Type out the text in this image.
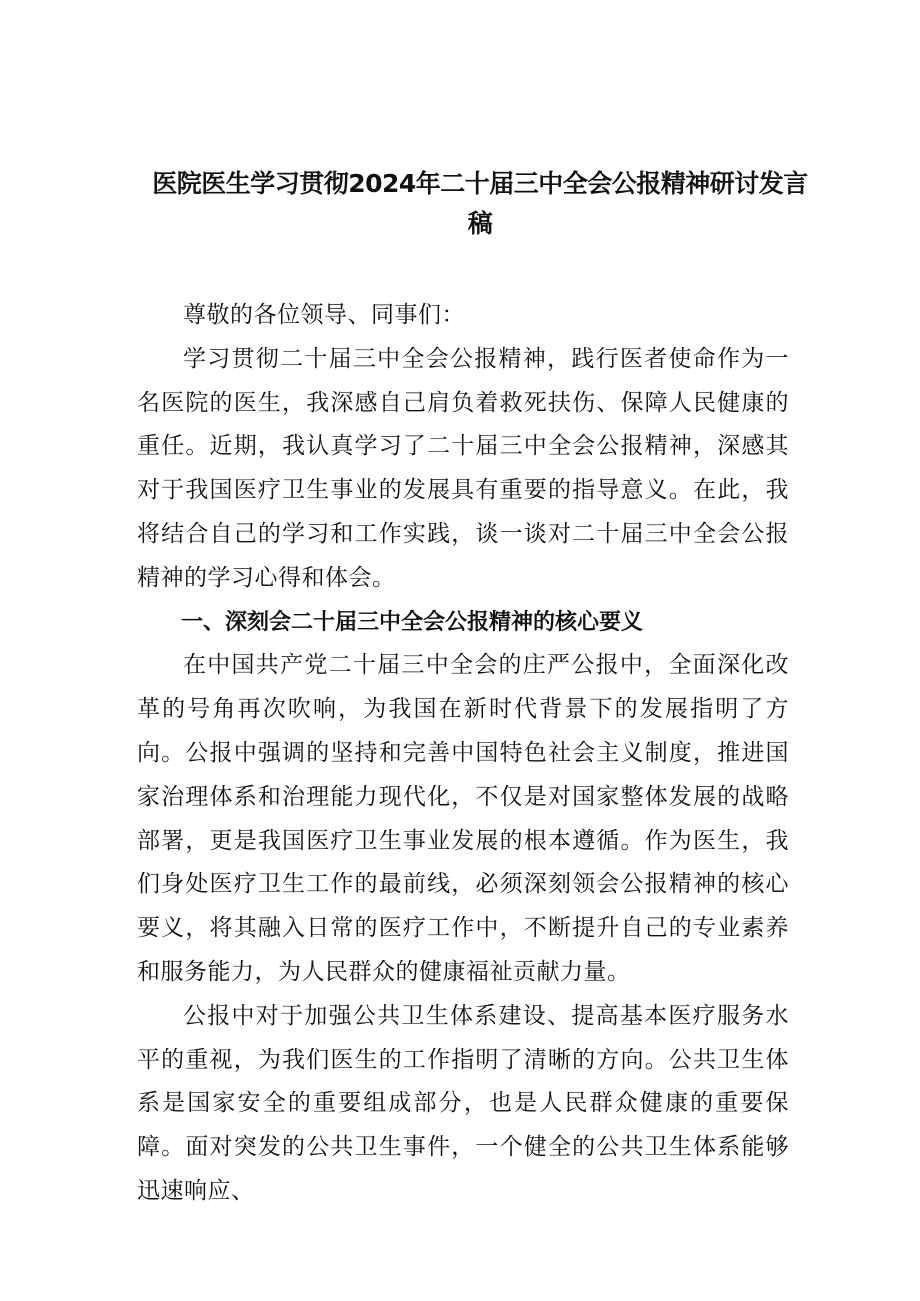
医院医生学习贯彻2024年二十届三中全会公报精神研讨发言
稿

尊敬的各位领导、同事们：

学习贯彻二十届三中全会公报精神，践行医者使命作为一名医院的医生，我深感自己肩负着救死扶伤、保障人民健康的重任。近期，我认真学习了二十届三中全会公报精神，深感其对于我国医疗卫生事业的发展具有重要的指导意义。在此，我将结合自己的学习和工作实践，谈一谈对二十届三中全会公报精神的学习心得和体会。

一、深刻会二十届三中全会公报精神的核心要义

在中国共产党二十届三中全会的庄严公报中，全面深化改革的号角再次吹响，为我国在新时代背景下的发展指明了方向。公报中强调的坚持和完善中国特色社会主义制度，推进国家治理体系和治理能力现代化，不仅是对国家整体发展的战略部署，更是我国医疗卫生事业发展的根本遵循。作为医生，我们身处医疗卫生工作的最前线，必须深刻领会公报精神的核心要义，将其融入日常的医疗工作中，不断提升自己的专业素养和服务能力，为人民群众的健康福祉贡献力量。

公报中对于加强公共卫生体系建设、提高基本医疗服务水平的重视，为我们医生的工作指明了清晰的方向。公共卫生体系是国家安全的重要组成部分，也是人民群众健康的重要保障。面对突发的公共卫生事件，一个健全的公共卫生体系能够迅速响应、
